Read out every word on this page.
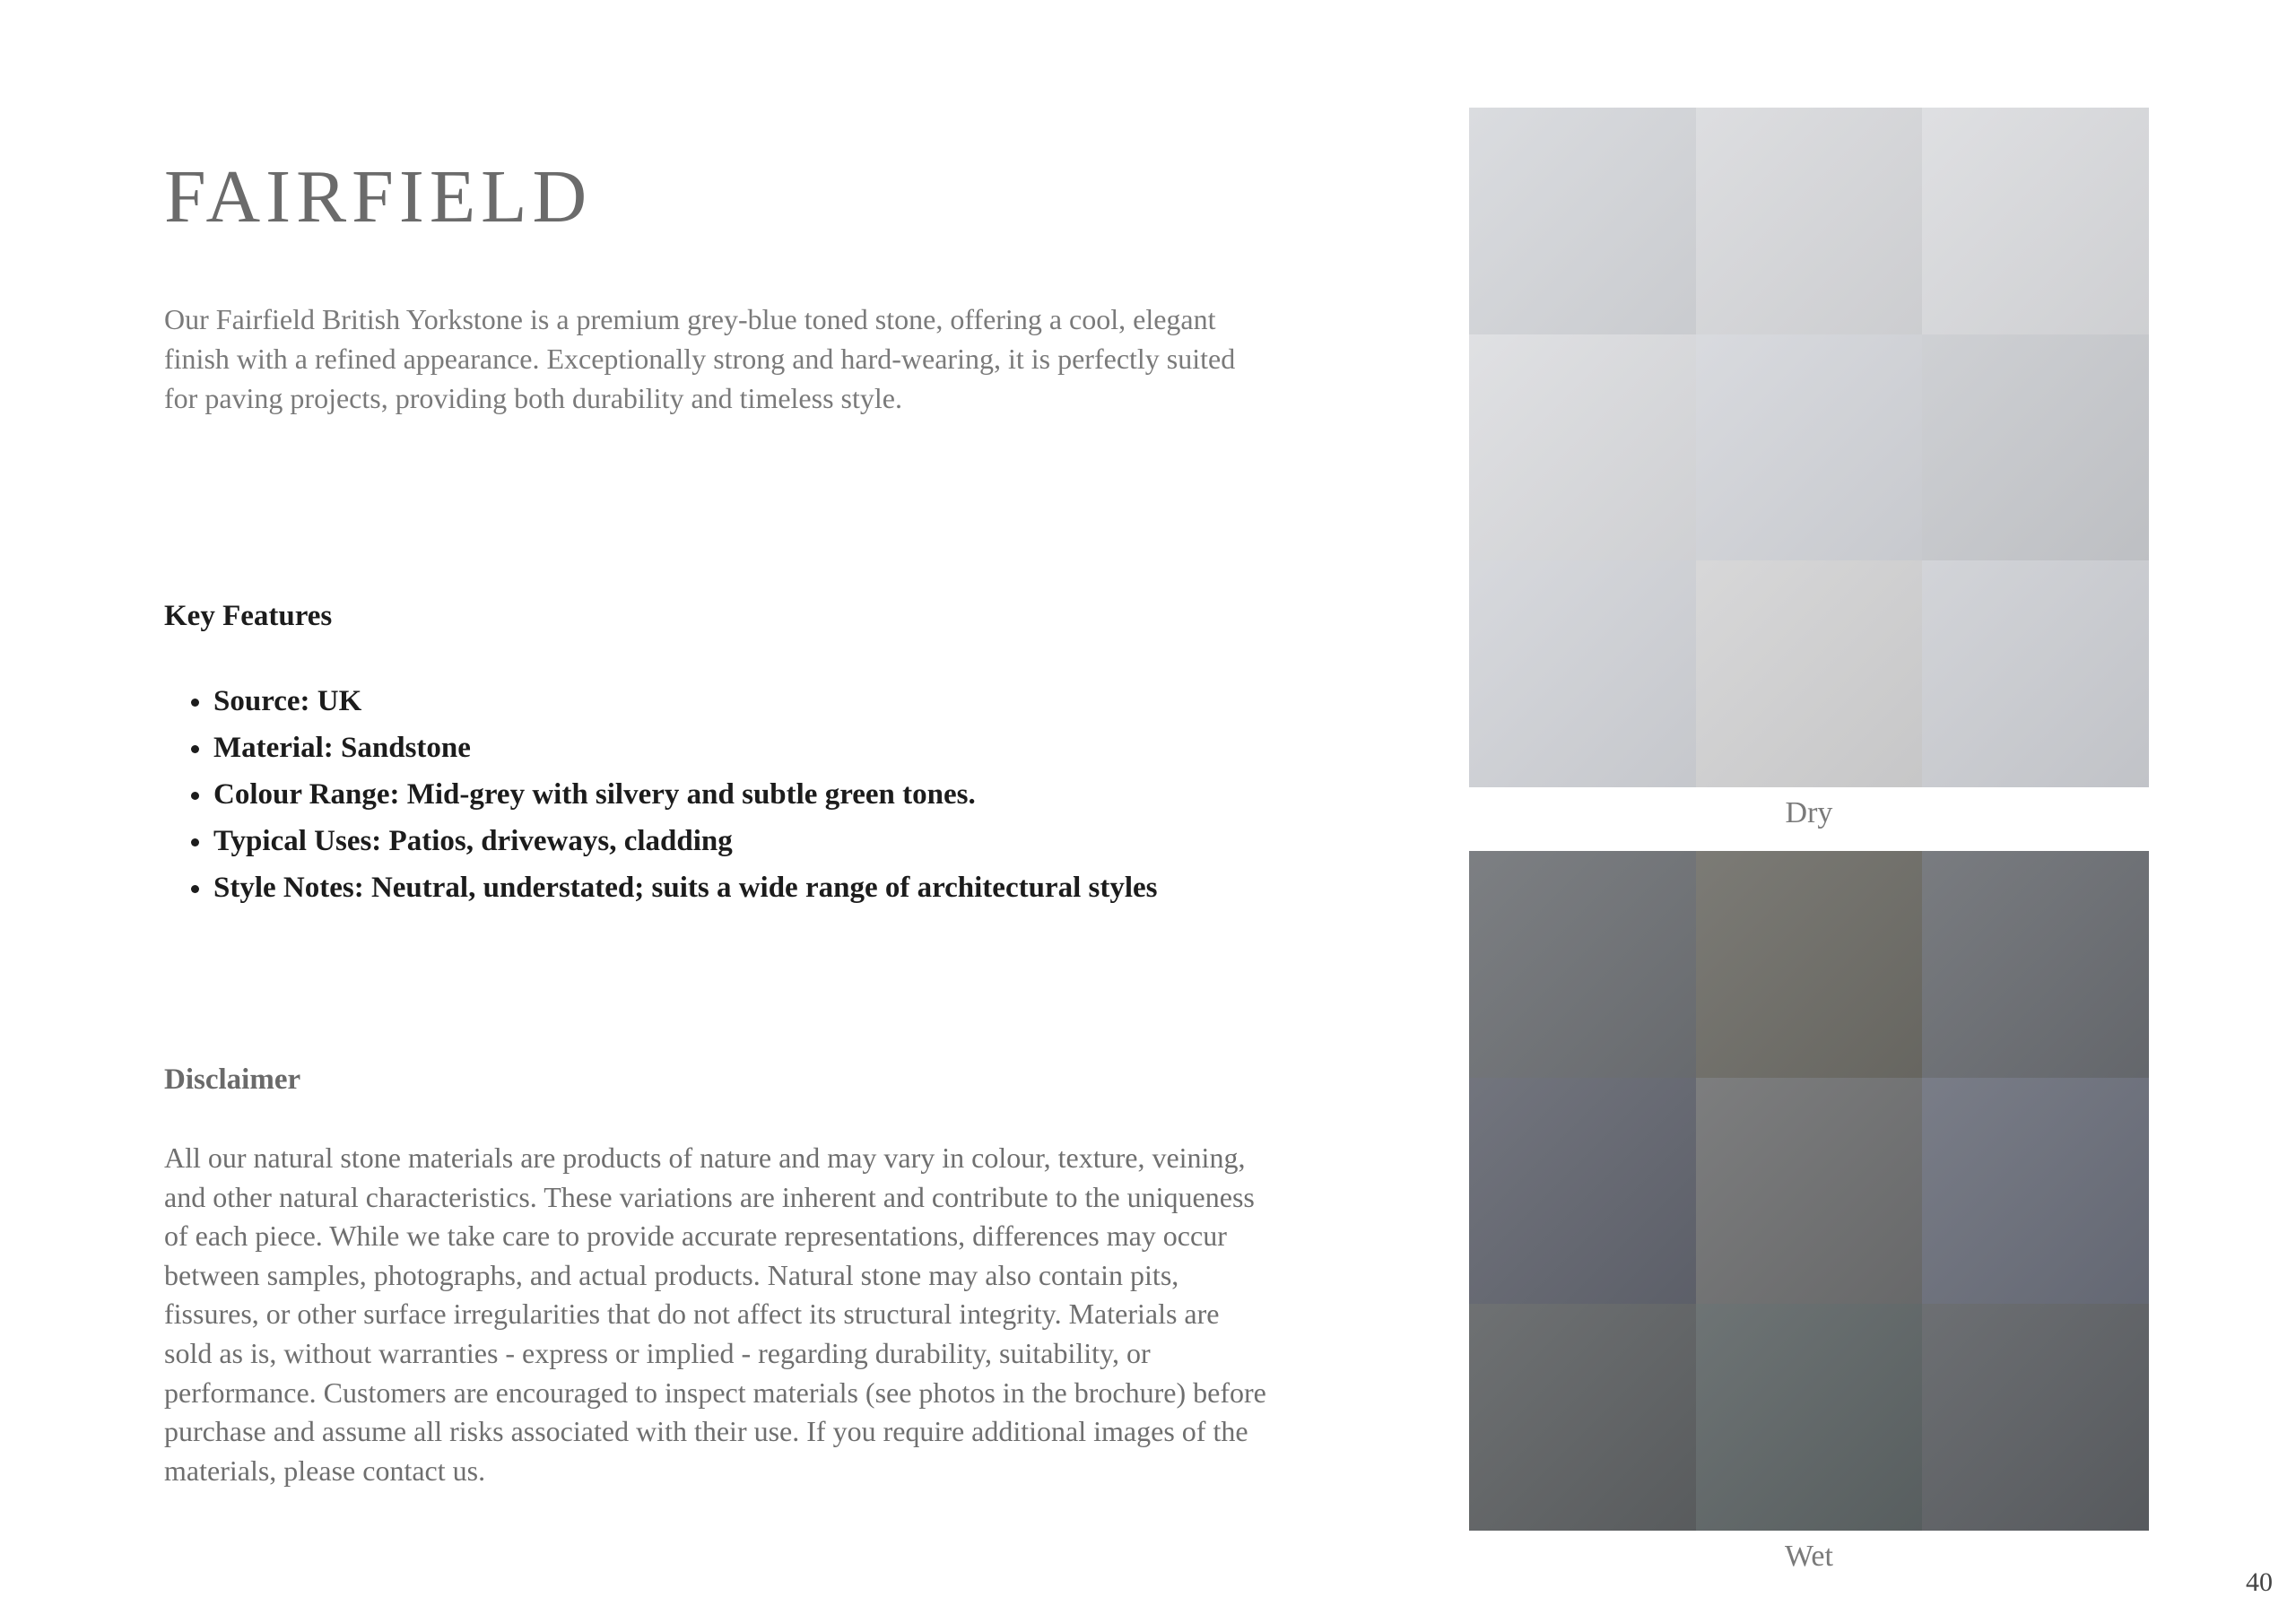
FAIRFIELD

Our Fairfield British Yorkstone is a premium grey-blue toned stone, offering a cool, elegant finish with a refined appearance. Exceptionally strong and hard-wearing, it is perfectly suited for paving projects, providing both durability and timeless style.

Key Features
• Source: UK
• Material: Sandstone
• Colour Range: Mid-grey with silvery and subtle green tones.
• Typical Uses: Patios, driveways, cladding
• Style Notes: Neutral, understated; suits a wide range of architectural styles
Disclaimer

All our natural stone materials are products of nature and may vary in colour, texture, veining, and other natural characteristics. These variations are inherent and contribute to the uniqueness of each piece. While we take care to provide accurate representations, differences may occur between samples, photographs, and actual products. Natural stone may also contain pits, fissures, or other surface irregularities that do not affect its structural integrity. Materials are sold as is, without warranties - express or implied - regarding durability, suitability, or performance. Customers are encouraged to inspect materials (see photos in the brochure) before purchase and assume all risks associated with their use. If you require additional images of the materials, please contact us.

Dry

Wet

40
